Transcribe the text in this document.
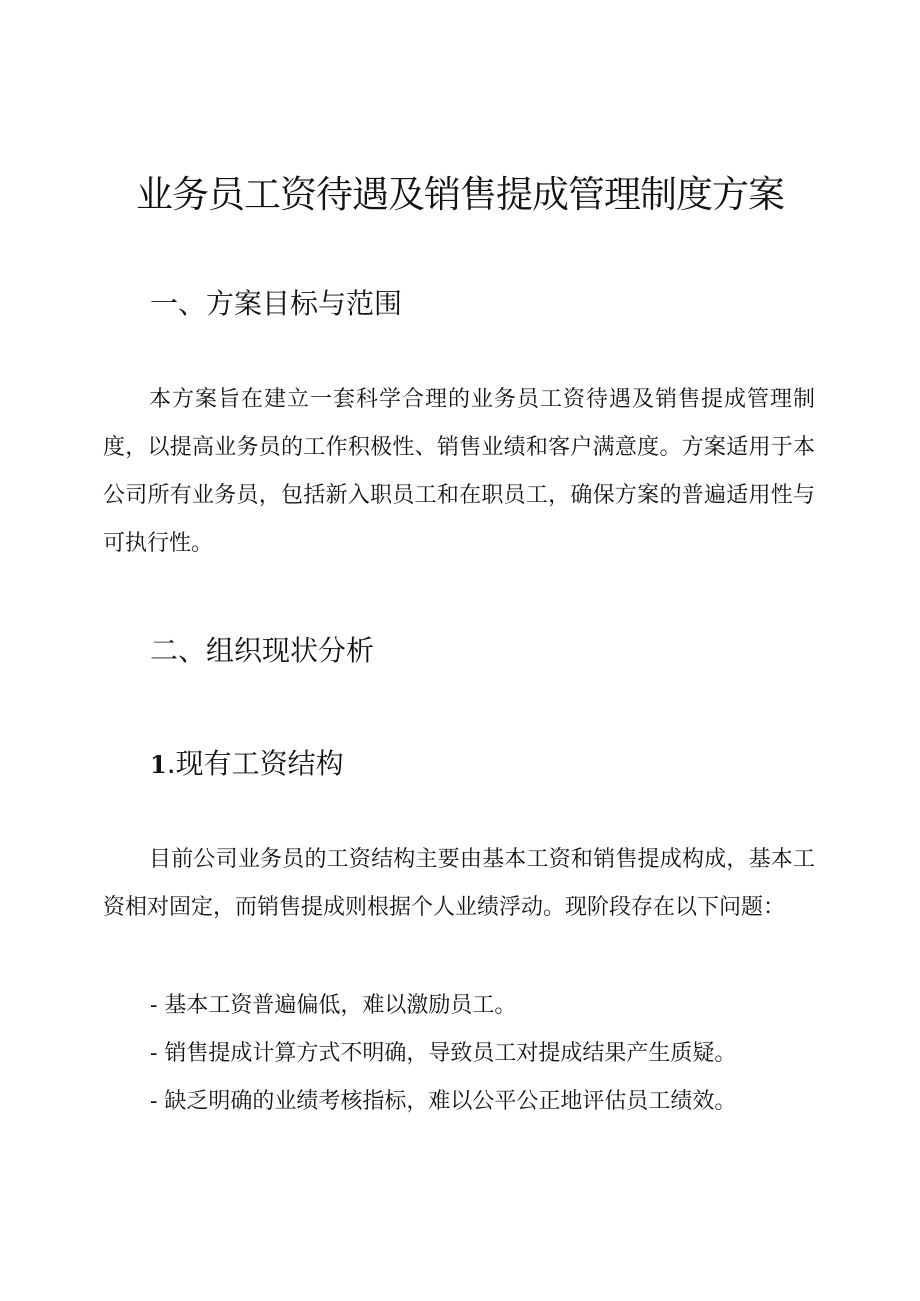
业务员工资待遇及销售提成管理制度方案
一、方案目标与范围

本方案旨在建立一套科学合理的业务员工资待遇及销售提成管理制度，以提高业务员的工作积极性、销售业绩和客户满意度。方案适用于本公司所有业务员，包括新入职员工和在职员工，确保方案的普遍适用性与可执行性。

二、组织现状分析
1.现有工资结构

目前公司业务员的工资结构主要由基本工资和销售提成构成，基本工资相对固定，而销售提成则根据个人业绩浮动。现阶段存在以下问题：

- 基本工资普遍偏低，难以激励员工。

- 销售提成计算方式不明确，导致员工对提成结果产生质疑。

- 缺乏明确的业绩考核指标，难以公平公正地评估员工绩效。
